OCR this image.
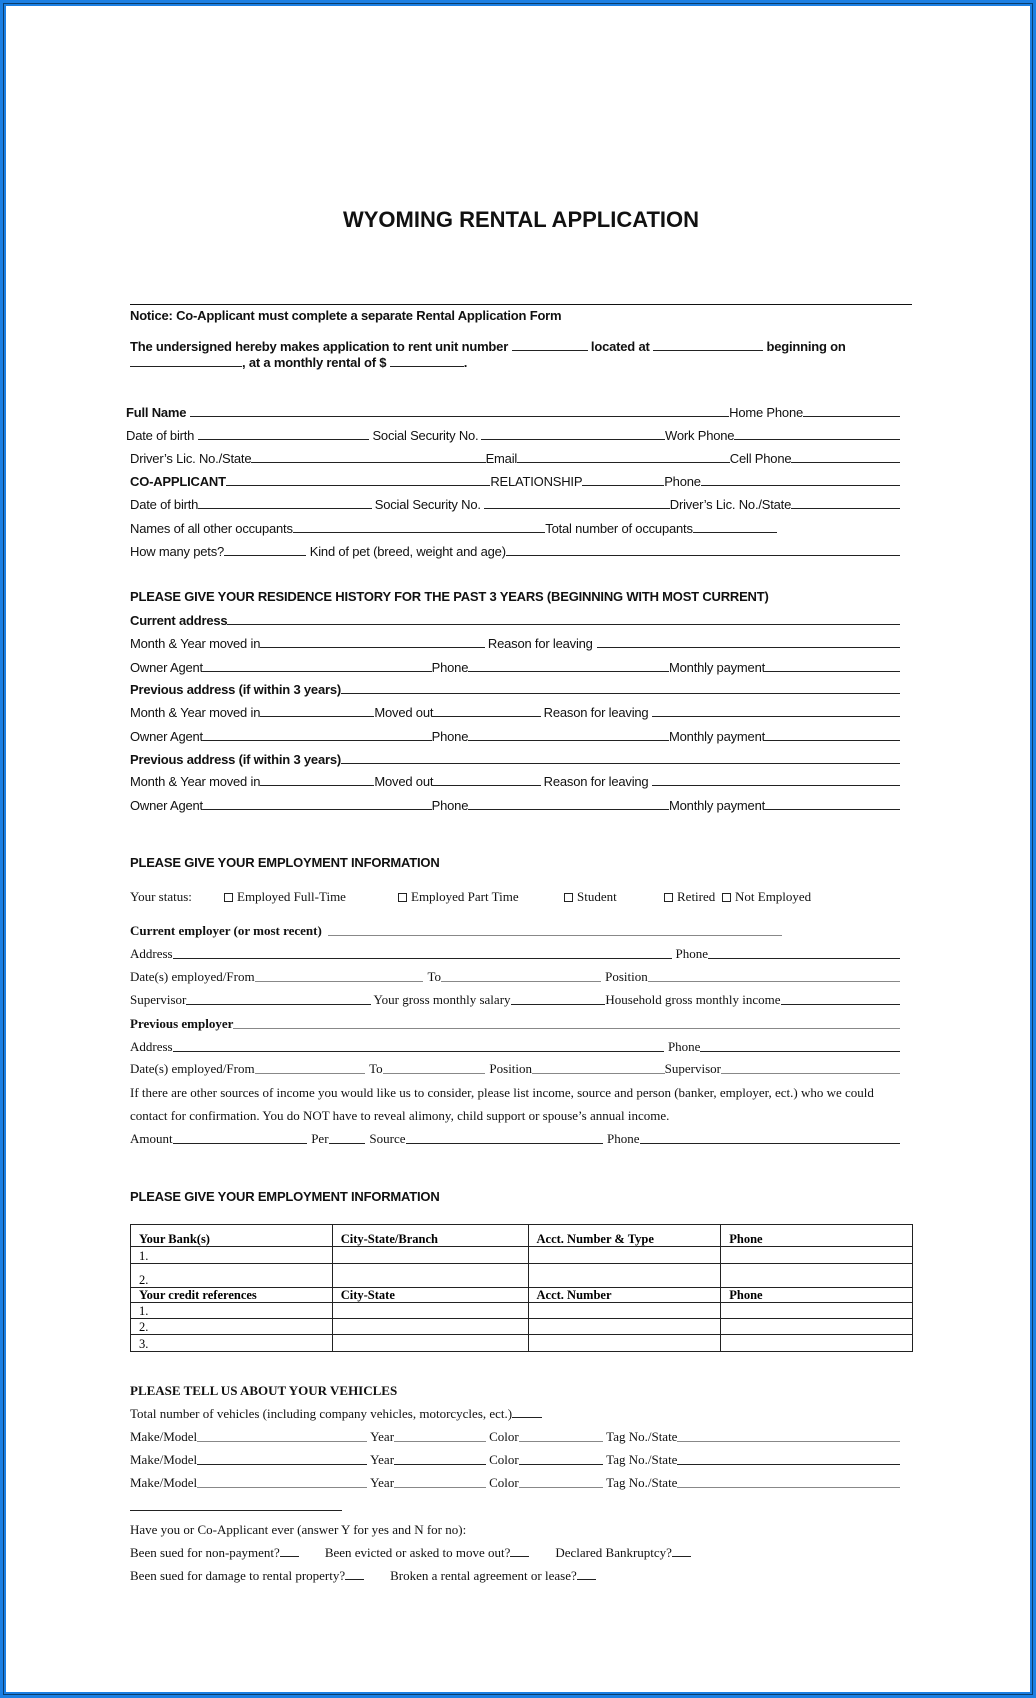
WYOMING RENTAL APPLICATION
Notice: Co-Applicant must complete a separate Rental Application Form
The undersigned hereby makes application to rent unit number	located at	beginning on
, at a monthly rental of $	.
Full Name	Home Phone
Date of birth	Social Security No.	Work Phone
Driver’s Lic. No./State	Email	Cell Phone
CO-APPLICANT	RELATIONSHIP	Phone
Date of birth	Social Security No.	Driver’s Lic. No./State
Names of all other occupants	Total number of occupants
How many pets?	Kind of pet (breed, weight and age)
PLEASE GIVE YOUR RESIDENCE HISTORY FOR THE PAST 3 YEARS (BEGINNING WITH MOST CURRENT)
Current address
Month & Year moved in	Reason for leaving
Owner Agent	Phone	Monthly payment
Previous address (if within 3 years)
Month & Year moved in	Moved out	Reason for leaving
Owner Agent	Phone	Monthly payment
Previous address (if within 3 years)
Month & Year moved in	Moved out	Reason for leaving
Owner Agent	Phone	Monthly payment
PLEASE GIVE YOUR EMPLOYMENT INFORMATION
Your status:	Employed Full-Time	Employed Part Time	Student	Retired	Not Employed
Current employer (or most recent)
Address	Phone
Date(s) employed/From	To	Position
Supervisor	Your gross monthly salary	Household gross monthly income
Previous employer
Address	Phone
Date(s) employed/From	To	Position	Supervisor
If there are other sources of income you would like us to consider, please list income, source and person (banker, employer, ect.) who we could
contact for confirmation. You do NOT have to reveal alimony, child support or spouse’s annual income.
Amount	Per	Source	Phone
PLEASE GIVE YOUR EMPLOYMENT INFORMATION
Your Bank(s)	City-State/Branch	Acct. Number & Type	Phone
1.			
2.			
Your credit references	City-State	Acct. Number	Phone
1.			
2.			
3.			
PLEASE TELL US ABOUT YOUR VEHICLES
Total number of vehicles (including company vehicles, motorcycles, ect.)
Make/Model	Year	Color	Tag No./State
Make/Model	Year	Color	Tag No./State
Make/Model	Year	Color	Tag No./State
Have you or Co-Applicant ever (answer Y for yes and N for no):
Been sued for non-payment?	Been evicted or asked to move out?	Declared Bankruptcy?
Been sued for damage to rental property?	Broken a rental agreement or lease?
